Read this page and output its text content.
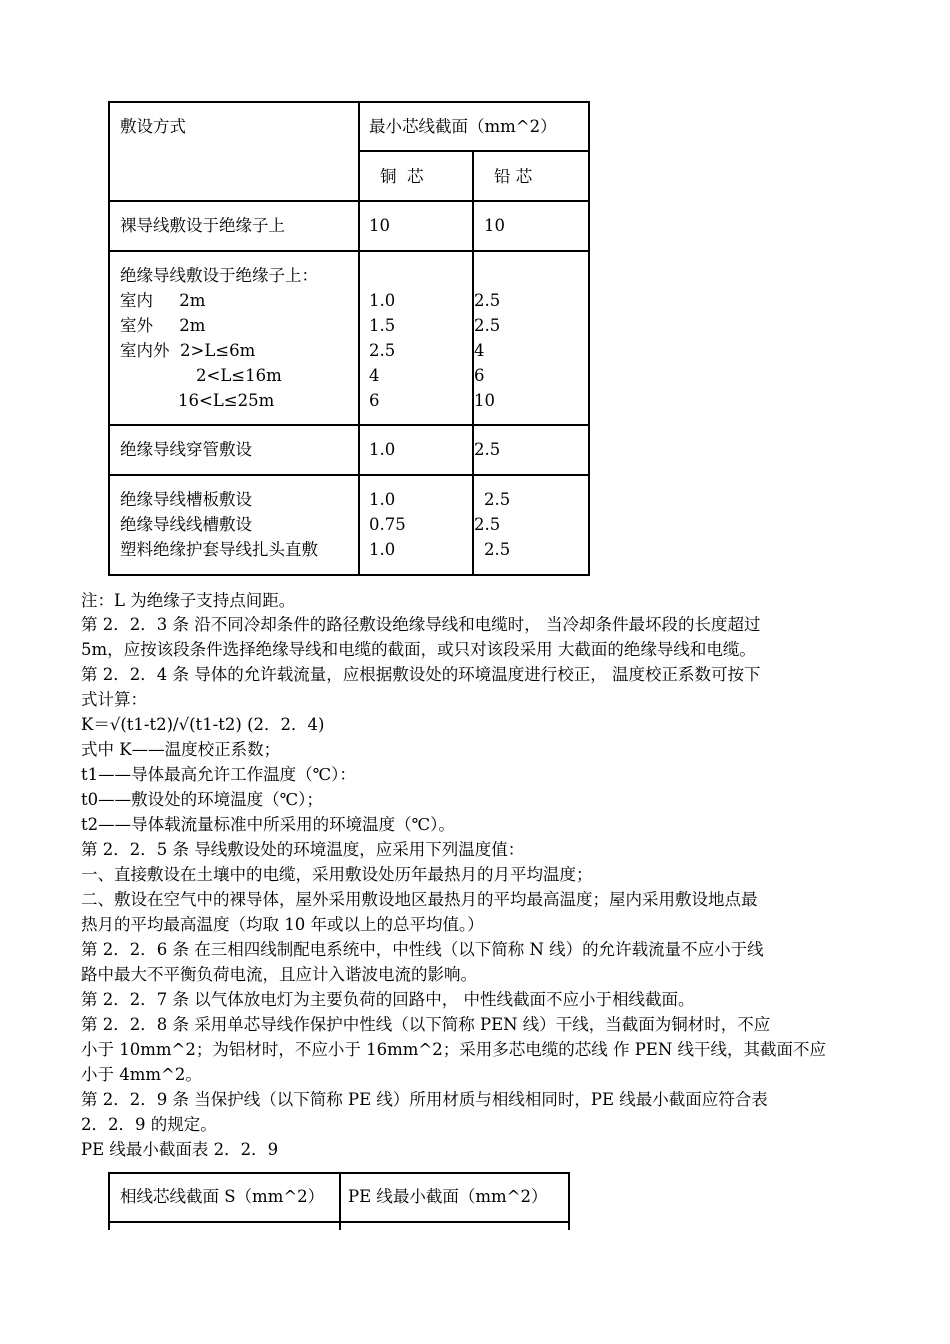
敷设方式	最小芯线截面（mm^2）
铜  芯	铅 芯
裸导线敷设于绝缘子上	10	10
绝缘导线敷设于绝缘子上：
室内     2m	1.0	2.5
室外     2m	1.5	2.5
室内外  2>L≤6m	2.5	4
2<L≤16m	4	6
16<L≤25m	6	10
绝缘导线穿管敷设	1.0	2.5
绝缘导线槽板敷设	1.0	2.5
绝缘导线线槽敷设	0.75	2.5
塑料绝缘护套导线扎头直敷	1.0	2.5
注：L 为绝缘子支持点间距。
第 2．2．3 条 沿不同冷却条件的路径敷设绝缘导线和电缆时， 当冷却条件最坏段的长度超过
5m，应按该段条件选择绝缘导线和电缆的截面，或只对该段采用 大截面的绝缘导线和电缆。
第 2．2．4 条 导体的允许载流量，应根据敷设处的环境温度进行校正， 温度校正系数可按下
式计算：
K＝√(t1-t2)/√(t1-t2) (2．2．4)
式中 K——温度校正系数；
t1——导体最高允许工作温度（℃）：
t0——敷设处的环境温度（℃）；
t2——导体载流量标准中所采用的环境温度（℃）。
第 2．2．5 条 导线敷设处的环境温度，应采用下列温度值：
一、直接敷设在土壤中的电缆，采用敷设处历年最热月的月平均温度；
二、敷设在空气中的裸导体，屋外采用敷设地区最热月的平均最高温度；屋内采用敷设地点最
热月的平均最高温度（均取 10 年或以上的总平均值。）
第 2．2．6 条 在三相四线制配电系统中，中性线（以下简称 N 线）的允许载流量不应小于线
路中最大不平衡负荷电流，且应计入谐波电流的影响。
第 2．2．7 条 以气体放电灯为主要负荷的回路中， 中性线截面不应小于相线截面。
第 2．2．8 条 采用单芯导线作保护中性线（以下简称 PEN 线）干线，当截面为铜材时，不应
小于 10mm^2；为铝材时，不应小于 16mm^2；采用多芯电缆的芯线 作 PEN 线干线，其截面不应
小于 4mm^2。
第 2．2．9 条 当保护线（以下简称 PE 线）所用材质与相线相同时，PE 线最小截面应符合表
2．2．9 的规定。
PE 线最小截面表 2．2．9
相线芯线截面 S（mm^2） PE 线最小截面（mm^2）
